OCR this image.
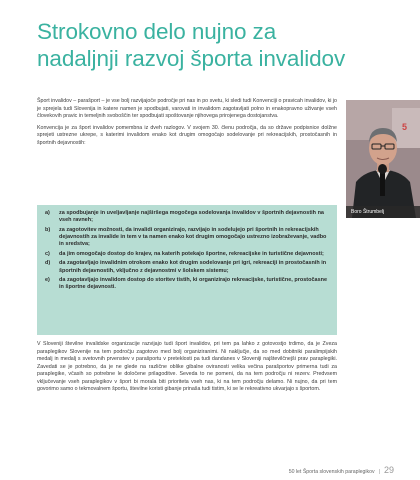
Strokovno delo nujno za
nadaljnji razvoj športa invalidov

Šport invalidov – parašport – je vse bolj razvijajoče področje pri nas in po svetu, ki sledi tudi Konvenciji o pravicah invalidov, ki jo je sprejela tudi Slovenija in katere namen je spodbujati, varovati in invalidom zagotavljati polno in enakopravno uživanje vseh človekovih pravic in temeljnih svoboščin ter spodbujati spoštovanje njihovega prirojenega dostojanstva.

Konvencija je za šport invalidov pomembna iz dveh razlogov. V svojem 30. členu področja, da so države podpisnice dolžne sprejeti ustrezne ukrepe, s katerimi invalidom enako kot drugim omogočajo sodelovanje pri rekreacijskih, prostočasnih in športnih dejavnostih:

5
Boro Štrumbelj
a)	za spodbujanje in uveljavljanje najširšega mogočega sodelovanja invalidov v športnih dejavnostih na vseh ravneh;
b)	za zagotovitev možnosti, da invalidi organizirajo, razvijajo in sodelujejo pri športnih in rekreacijskih dejavnostih za invalide in tem v ta namen enako kot drugim omogočajo ustrezno izobraževanje, vadbo in sredstva;
c)	da jim omogočajo dostop do krajev, na katerih potekajo športne, rekreacijske in turistične dejavnosti;
d)	da zagotavljajo invalidnim otrokom enako kot drugim sodelovanje pri igri, rekreaciji in prostočasnih in športnih dejavnostih, vključno z dejavnostmi v šolskem sistemu;
e)	da zagotavljajo invalidom dostop do storitev tistih, ki organizirajo rekreacijske, turistične, prostočasne in športne dejavnosti.

V Sloveniji številne invalidske organizacije razvijajo tudi šport invalidov, pri tem pa lahko z gotovostjo trdimo, da je Zveza paraplegikov Slovenije na tem področju zagotovo med bolj organiziranimi. Ni naključje, da so med dobitniki paralimpijskih medalj in medalj s svetovnih prvenstev v parašportu v preteklosti pa tudi dandanes v Sloveniji najštevilčnejši prav paraplegiki. Zavedati se je potrebno, da je ne glede na različne oblike gibalne oviranosti velika večina parašportov primerna tudi za paraplegike, včasih so potrebne le določene prilagoditve. Seveda to ne pomeni, da na tem področju ni rezerv. Predvsem vključevanje vseh paraplegikov v šport bi morala biti prioriteta vseh nas, ki na tem področju delamo. Ni nujno, da pri tem govorimo samo o tekmovalnem športu, številne koristi gibanje prinaša tudi tistim, ki se le rekreativno ukvarjajo s športom.

50 let Športa slovenskih paraplegikov | 29
